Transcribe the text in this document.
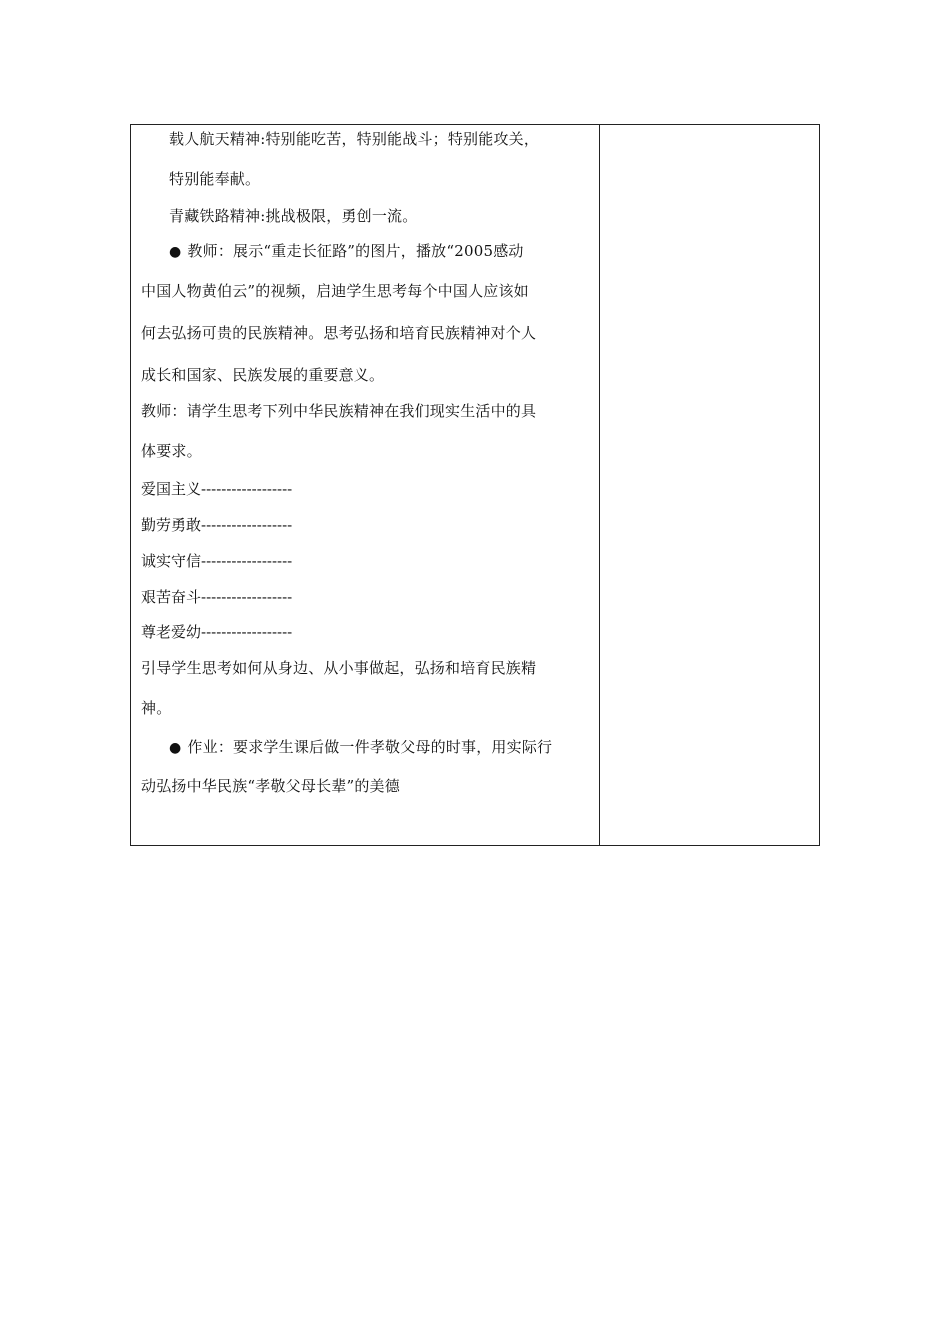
载人航天精神:特别能吃苦，特别能战斗；特别能攻关，
特别能奉献。
青藏铁路精神:挑战极限，勇创一流。
● 教师：展示“重走长征路”的图片，播放“2005感动
中国人物黄伯云”的视频，启迪学生思考每个中国人应该如
何去弘扬可贵的民族精神。思考弘扬和培育民族精神对个人
成长和国家、民族发展的重要意义。
教师：请学生思考下列中华民族精神在我们现实生活中的具
体要求。
爱国主义------------------
勤劳勇敢------------------
诚实守信------------------
艰苦奋斗------------------
尊老爱幼------------------
引导学生思考如何从身边、从小事做起，弘扬和培育民族精
神。
● 作业：要求学生课后做一件孝敬父母的时事，用实际行
动弘扬中华民族“孝敬父母长辈”的美德
